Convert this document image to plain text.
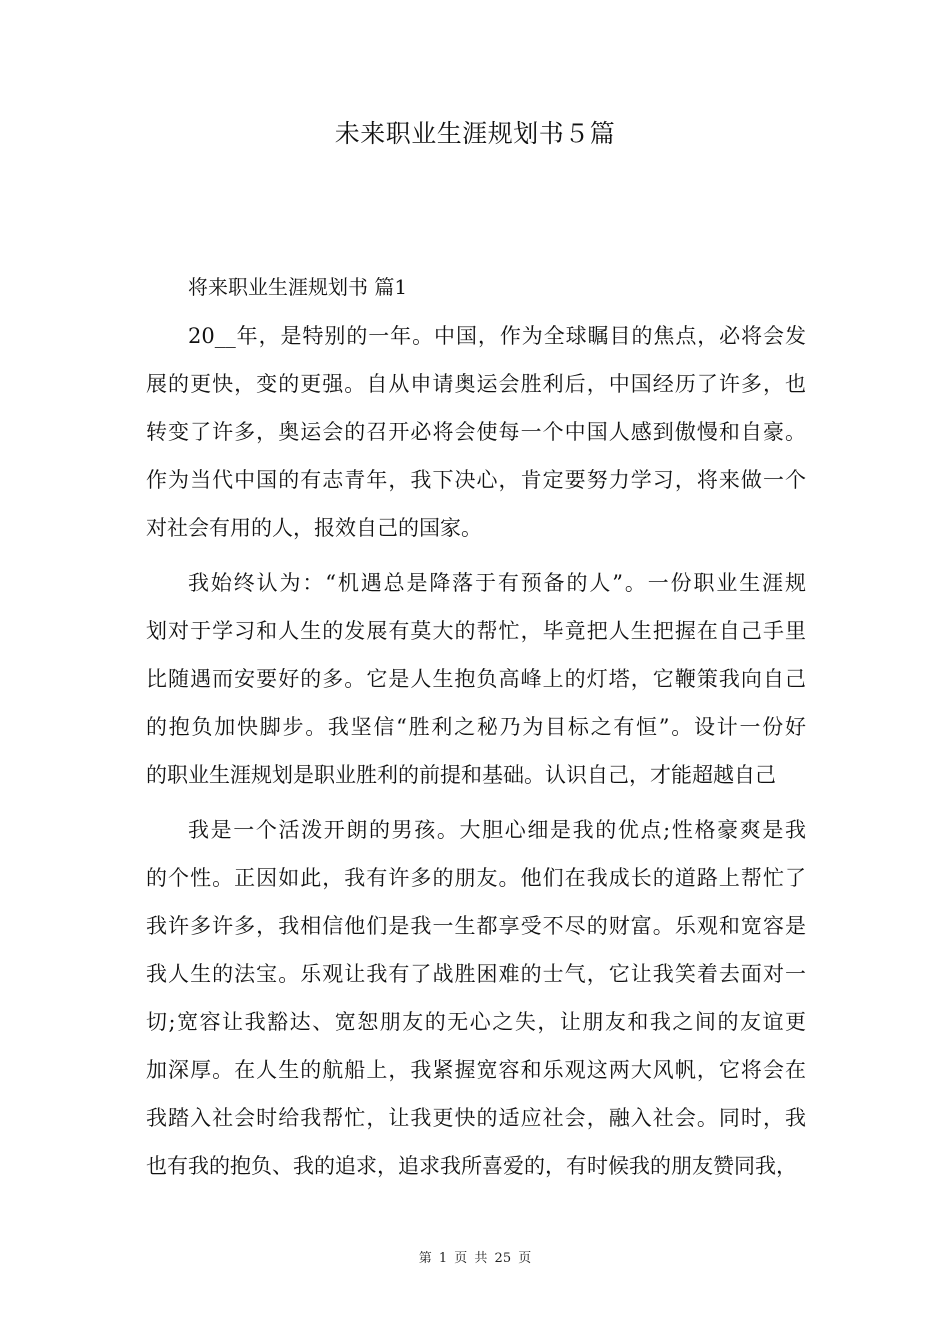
未来职业生涯规划书５篇

将来职业生涯规划书 篇1

20__年，是特别的一年。中国，作为全球瞩目的焦点，必将会发
展的更快，变的更强。自从申请奥运会胜利后，中国经历了许多，也
转变了许多，奥运会的召开必将会使每一个中国人感到傲慢和自豪。
作为当代中国的有志青年，我下决心，肯定要努力学习，将来做一个
对社会有用的人，报效自己的国家。
我始终认为：“机遇总是降落于有预备的人”。一份职业生涯规
划对于学习和人生的发展有莫大的帮忙，毕竟把人生把握在自己手里
比随遇而安要好的多。它是人生抱负高峰上的灯塔，它鞭策我向自己
的抱负加快脚步。我坚信“胜利之秘乃为目标之有恒”。设计一份好
的职业生涯规划是职业胜利的前提和基础。认识自己，才能超越自己
我是一个活泼开朗的男孩。大胆心细是我的优点;性格豪爽是我
的个性。正因如此，我有许多的朋友。他们在我成长的道路上帮忙了
我许多许多，我相信他们是我一生都享受不尽的财富。乐观和宽容是
我人生的法宝。乐观让我有了战胜困难的士气，它让我笑着去面对一
切;宽容让我豁达、宽恕朋友的无心之失，让朋友和我之间的友谊更
加深厚。在人生的航船上，我紧握宽容和乐观这两大风帆，它将会在
我踏入社会时给我帮忙，让我更快的适应社会，融入社会。同时，我
也有我的抱负、我的追求，追求我所喜爱的，有时候我的朋友赞同我，
第 1 页 共 25 页
